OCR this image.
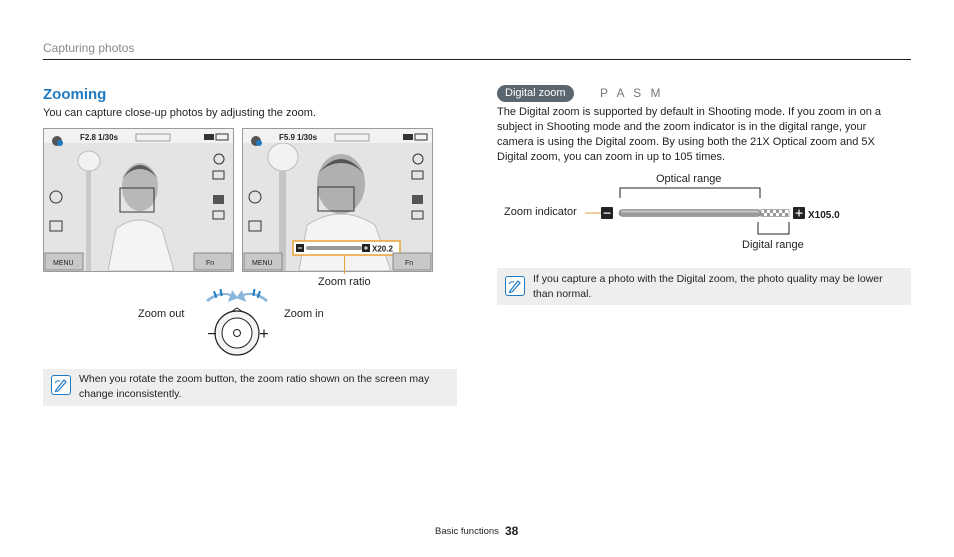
Capturing photos
Zooming
You can capture close-up photos by adjusting the zoom.
F2.8 1/30s
MENU	Fn
F5.9 1/30s
X20.2
MENU	Fn
Zoom ratio
Zoom out	Zoom in
When you rotate the zoom button, the zoom ratio shown on the screen may change inconsistently.
Digital zoom	P A S M
The Digital zoom is supported by default in Shooting mode. If you zoom in on a subject in Shooting mode and the zoom indicator is in the digital range, your camera is using the Digital zoom. By using both the 21X Optical zoom and 5X Digital zoom, you can zoom in up to 105 times.
Optical range
Zoom indicator	X105.0
Digital range
If you capture a photo with the Digital zoom, the photo quality may be lower than normal.
Basic functions 38
